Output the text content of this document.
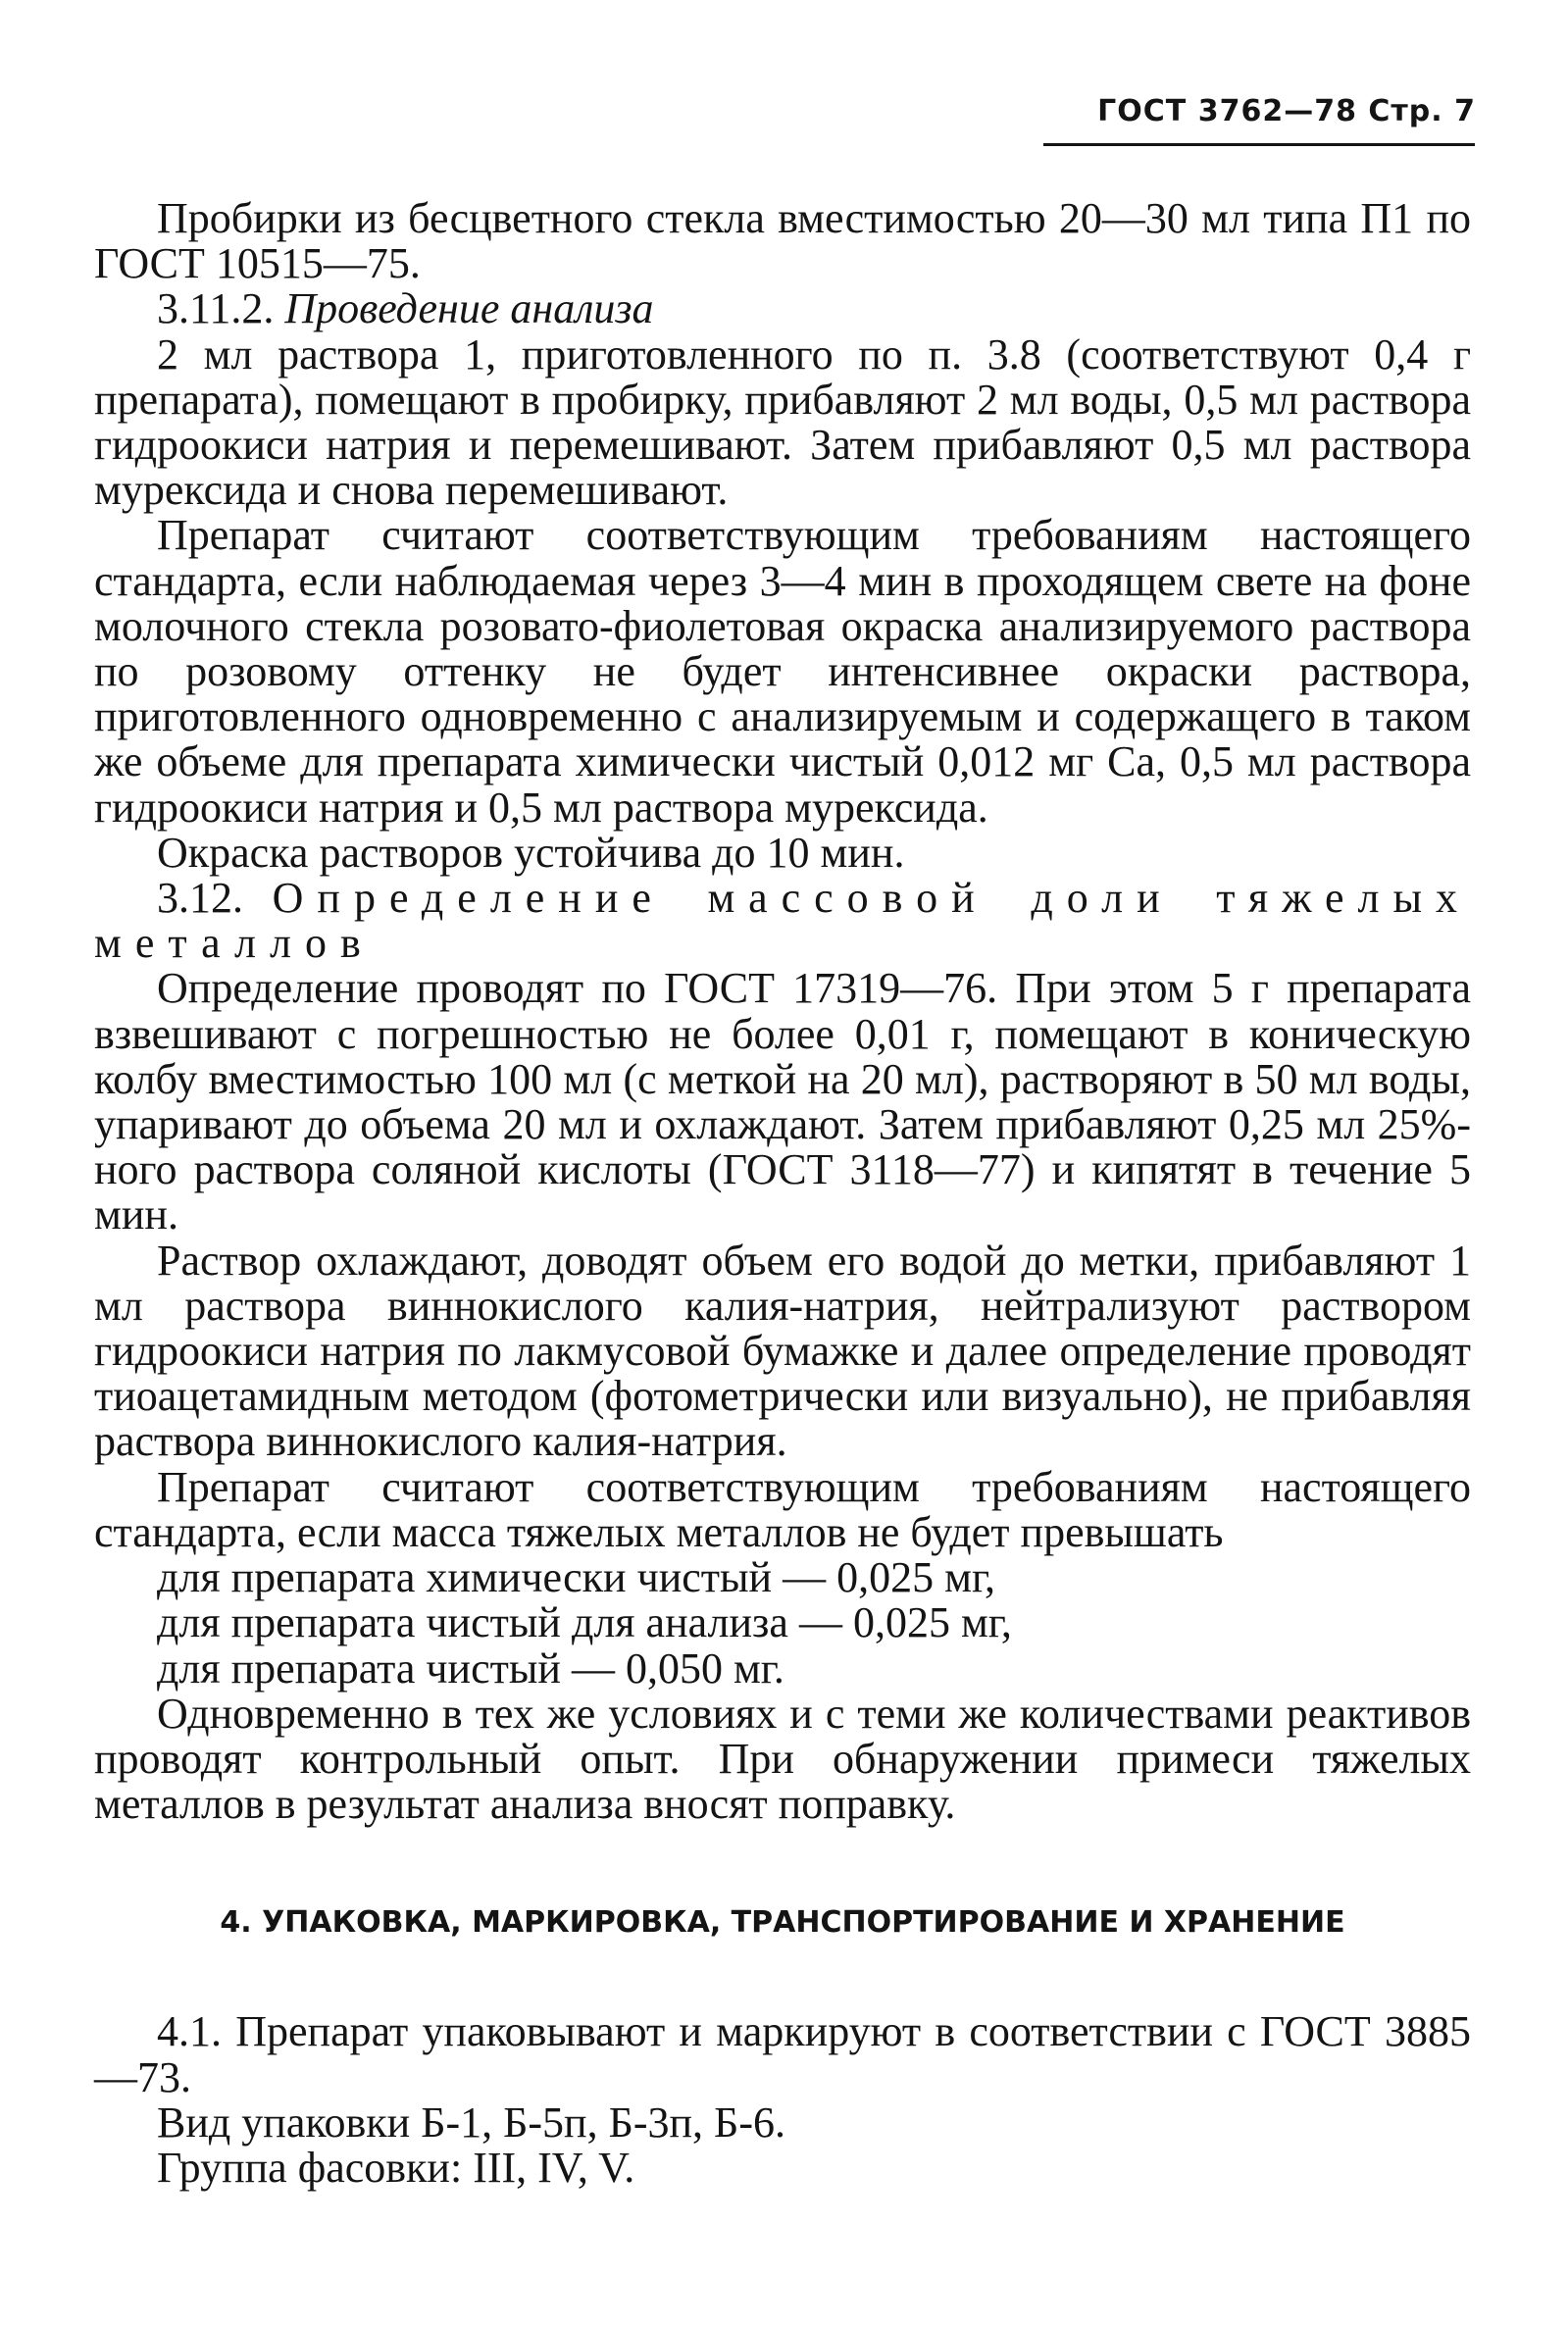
ГОСТ 3762—78 Стр. 7

Пробирки из бесцветного стекла вместимостью 20—30 мл типа П1 по ГОСТ 10515—75.

3.11.2. Проведение анализа

2 мл раствора 1, приготовленного по п. 3.8 (соответствуют 0,4 г препарата), помещают в пробирку, прибавляют 2 мл воды, 0,5 мл раствора гидроокиси натрия и перемешивают. Затем прибавляют 0,5 мл раствора мурексида и снова перемешивают.

Препарат считают соответствующим требованиям настоящего стандарта, если наблюдаемая через 3—4 мин в проходящем свете на фоне молочного стекла розовато-фиолетовая окраска анализируемого раствора по розовому оттенку не будет интенсивнее окраски раствора, приготовленного одновременно с анализируемым и содержащего в таком же объеме для препарата химически чистый 0,012 мг Са, 0,5 мл раствора гидроокиси натрия и 0,5 мл раствора мурексида.

Окраска растворов устойчива до 10 мин.

3.12. Определение массовой доли тяжелых металлов

Определение проводят по ГОСТ 17319—76. При этом 5 г препарата взвешивают с погрешностью не более 0,01 г, помещают в коническую колбу вместимостью 100 мл (с меткой на 20 мл), растворяют в 50 мл воды, упаривают до объема 20 мл и охлаждают. Затем прибавляют 0,25 мл 25%-ного раствора соляной кислоты (ГОСТ 3118—77) и кипятят в течение 5 мин.

Раствор охлаждают, доводят объем его водой до метки, прибавляют 1 мл раствора виннокислого калия-натрия, нейтрализуют раствором гидроокиси натрия по лакмусовой бумажке и далее определение проводят тиоацетамидным методом (фотометрически или визуально), не прибавляя раствора виннокислого калия-натрия.

Препарат считают соответствующим требованиям настоящего стандарта, если масса тяжелых металлов не будет превышать

для препарата химически чистый — 0,025 мг,

для препарата чистый для анализа — 0,025 мг,

для препарата чистый — 0,050 мг.

Одновременно в тех же условиях и с теми же количествами реактивов проводят контрольный опыт. При обнаружении примеси тяжелых металлов в результат анализа вносят поправку.

4. УПАКОВКА, МАРКИРОВКА, ТРАНСПОРТИРОВАНИЕ И ХРАНЕНИЕ

4.1. Препарат упаковывают и маркируют в соответствии с ГОСТ 3885—73.

Вид упаковки Б-1, Б-5п, Б-3п, Б-6.

Группа фасовки: III, IV, V.
